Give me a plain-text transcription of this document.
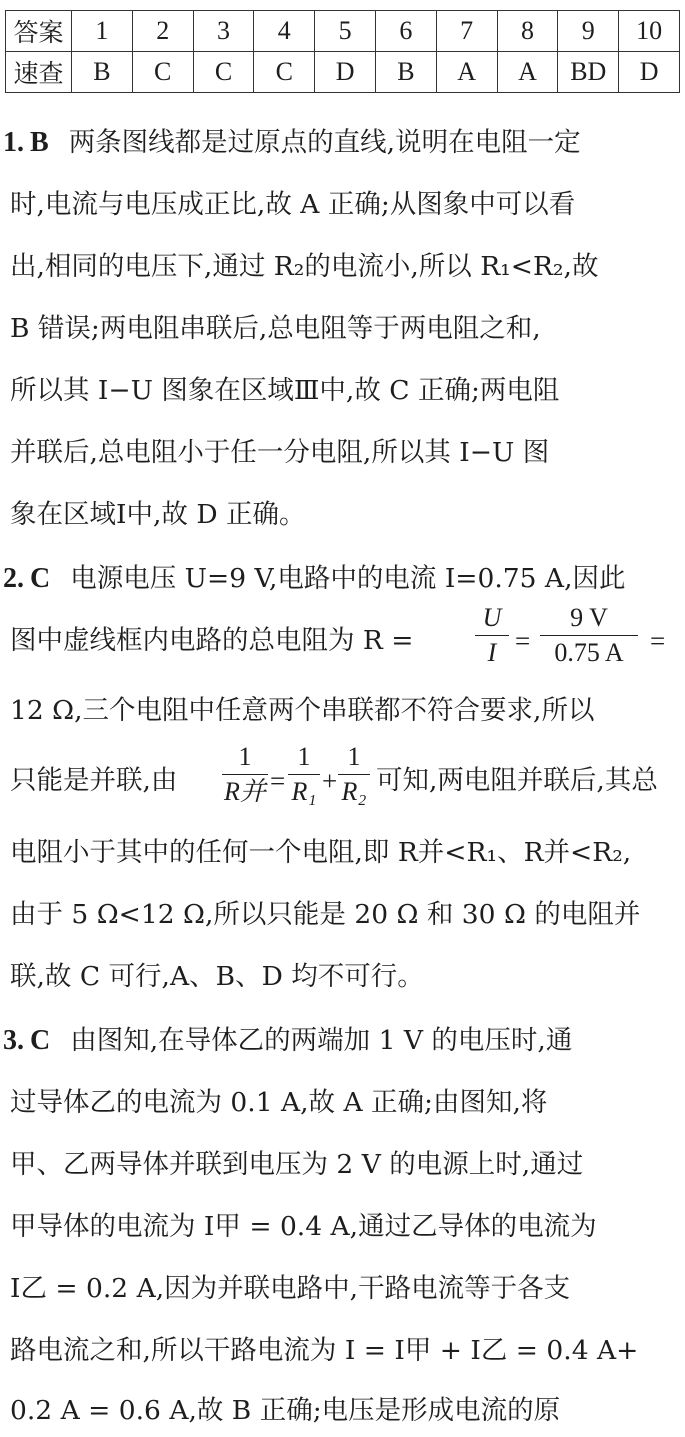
答案	1	2	3	4	5	6	7	8	9	10
速查	B	C	C	C	D	B	A	A	BD	D
1. B 两条图线都是过原点的直线,说明在电阻一定
时,电流与电压成正比,故 A 正确;从图象中可以看
出,相同的电压下,通过 R₂的电流小,所以 R₁<R₂,故
B 错误;两电阻串联后,总电阻等于两电阻之和,
所以其 I−U 图象在区域Ⅲ中,故 C 正确;两电阻
并联后,总电阻小于任一分电阻,所以其 I−U 图
象在区域Ⅰ中,故 D 正确。
2. C 电源电压 U=9 V,电路中的电流 I=0.75 A,因此
图中虚线框内电路的总电阻为 R =
U
I =
9 V
0.75 A =
12 Ω,三个电阻中任意两个串联都不符合要求,所以
只能是并联,由
1
R并 =
1
R₁ +
1
R₂ 可知,两电阻并联后,其总
电阻小于其中的任何一个电阻,即 R并<R₁、R并<R₂,
由于 5 Ω<12 Ω,所以只能是 20 Ω 和 30 Ω 的电阻并
联,故 C 可行,A、B、D 均不可行。
3. C 由图知,在导体乙的两端加 1 V 的电压时,通
过导体乙的电流为 0.1 A,故 A 正确;由图知,将
甲、乙两导体并联到电压为 2 V 的电源上时,通过
甲导体的电流为 I甲 = 0.4 A,通过乙导体的电流为
I乙 = 0.2 A,因为并联电路中,干路电流等于各支
路电流之和,所以干路电流为 I = I甲 + I乙 = 0.4 A+
0.2 A = 0.6 A,故 B 正确;电压是形成电流的原
